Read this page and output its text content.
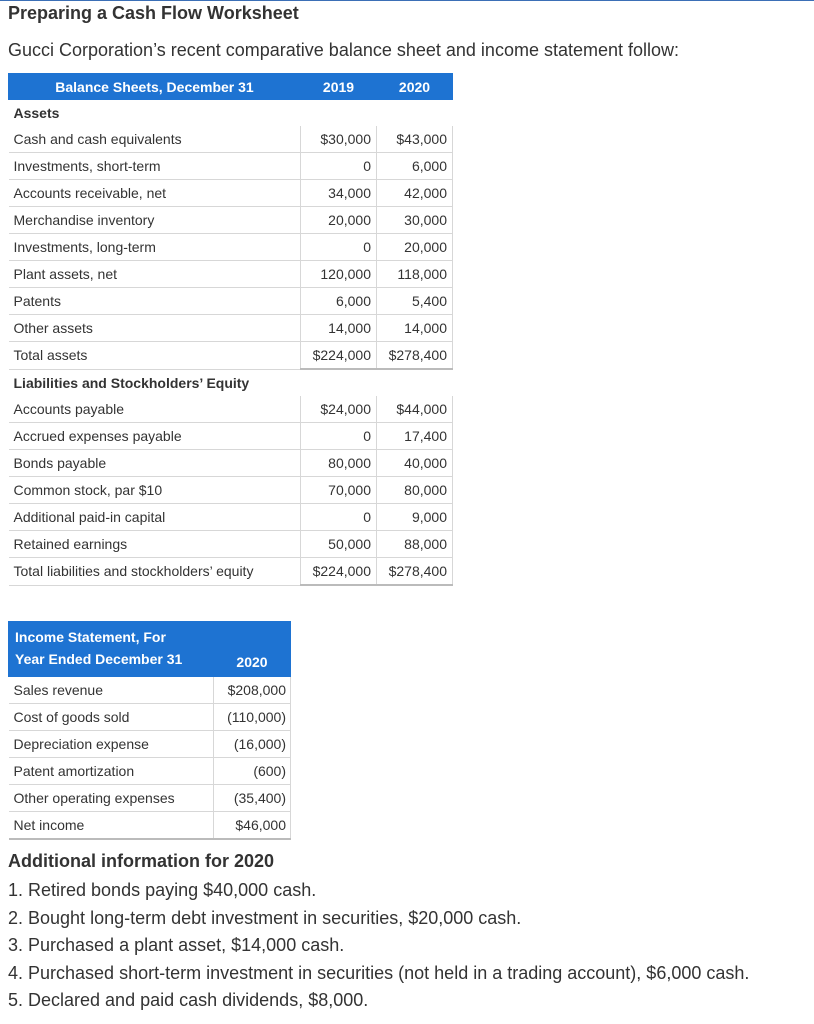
Preparing a Cash Flow Worksheet
Gucci Corporation’s recent comparative balance sheet and income statement follow:
Balance Sheets, December 31	2019	2020
Assets		
Cash and cash equivalents	$30,000	$43,000
Investments, short-term	0	6,000
Accounts receivable, net	34,000	42,000
Merchandise inventory	20,000	30,000
Investments, long-term	0	20,000
Plant assets, net	120,000	118,000
Patents	6,000	5,400
Other assets	14,000	14,000
Total assets	$224,000	$278,400
Liabilities and Stockholders’ Equity		
Accounts payable	$24,000	$44,000
Accrued expenses payable	0	17,400
Bonds payable	80,000	40,000
Common stock, par $10	70,000	80,000
Additional paid-in capital	0	9,000
Retained earnings	50,000	88,000
Total liabilities and stockholders’ equity	$224,000	$278,400
Income Statement, For
Year Ended December 31	2020
Sales revenue	$208,000
Cost of goods sold	(110,000)
Depreciation expense	(16,000)
Patent amortization	(600)
Other operating expenses	(35,400)
Net income	$46,000
Additional information for 2020
1. Retired bonds paying $40,000 cash.
2. Bought long-term debt investment in securities, $20,000 cash.
3. Purchased a plant asset, $14,000 cash.
4. Purchased short-term investment in securities (not held in a trading account), $6,000 cash.
5. Declared and paid cash dividends, $8,000.
